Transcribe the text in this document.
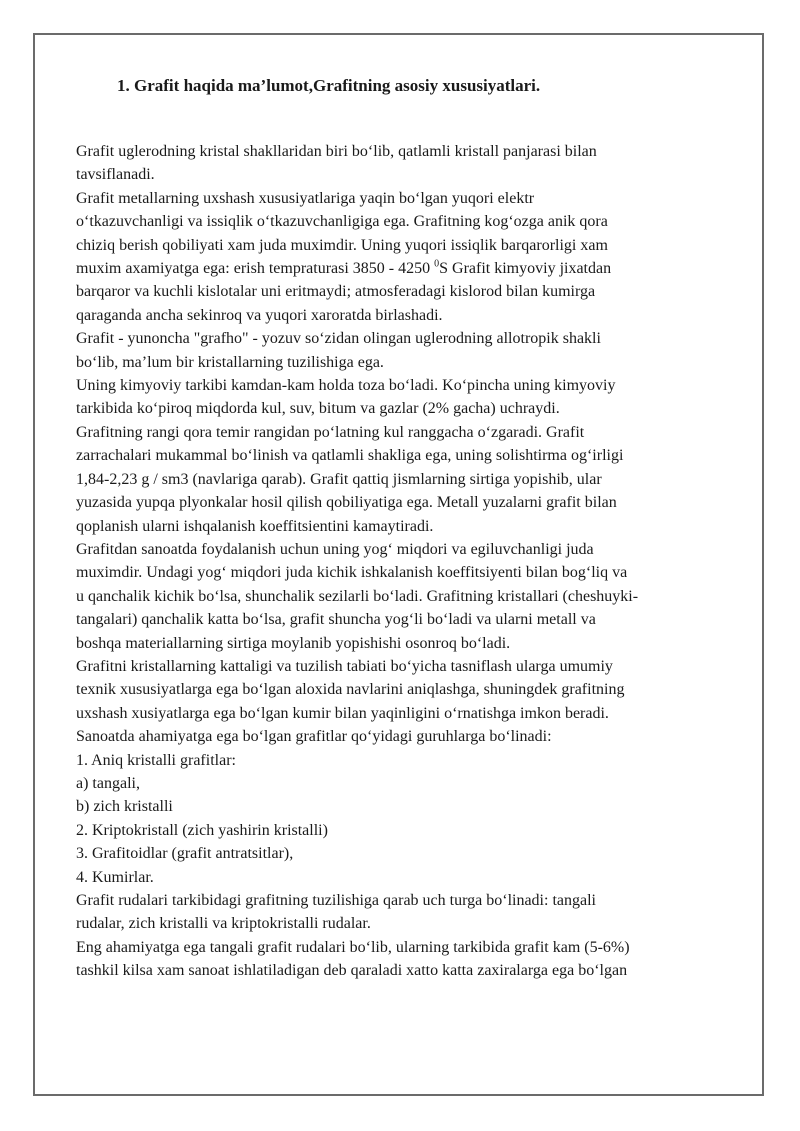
1. Grafit haqida ma’lumot,Grafitning asosiy xususiyatlari.
Grafit uglerodning kristal shakllaridan biri bo‘lib, qatlamli kristall panjarasi bilan
tavsiflanadi.
Grafit metallarning uxshash xususiyatlariga yaqin bo‘lgan yuqori elektr
o‘tkazuvchanligi va issiqlik o‘tkazuvchanligiga ega. Grafitning kog‘ozga anik qora
chiziq berish qobiliyati xam juda muximdir. Uning yuqori issiqlik barqarorligi xam
muxim axamiyatga ega: erish tempraturasi 3850 - 4250 $^0$S Grafit kimyoviy jixatdan
barqaror va kuchli kislotalar uni eritmaydi; atmosferadagi kislorod bilan kumirga
qaraganda ancha sekinroq va yuqori xaroratda birlashadi.
Grafit - yunoncha "grafho" - yozuv so‘zidan olingan uglerodning allotropik shakli
bo‘lib, ma’lum bir kristallarning tuzilishiga ega.
Uning kimyoviy tarkibi kamdan-kam holda toza bo‘ladi. Ko‘pincha uning kimyoviy
tarkibida ko‘piroq miqdorda kul, suv, bitum va gazlar (2% gacha) uchraydi.
Grafitning rangi qora temir rangidan po‘latning kul ranggacha o‘zgaradi. Grafit
zarrachalari mukammal bo‘linish va qatlamli shakliga ega, uning solishtirma og‘irligi
1,84-2,23 g / sm3 (navlariga qarab). Grafit qattiq jismlarning sirtiga yopishib, ular
yuzasida yupqa plyonkalar hosil qilish qobiliyatiga ega. Metall yuzalarni grafit bilan
qoplanish ularni ishqalanish koeffitsientini kamaytiradi.
Grafitdan sanoatda foydalanish uchun uning yog‘ miqdori va egiluvchanligi juda
muximdir. Undagi yog‘ miqdori juda kichik ishkalanish koeffitsiyenti bilan bog‘liq va
u qanchalik kichik bo‘lsa, shunchalik sezilarli bo‘ladi. Grafitning kristallari (cheshuyki-
tangalari) qanchalik katta bo‘lsa, grafit shuncha yog‘li bo‘ladi va ularni metall va
boshqa materiallarning sirtiga moylanib yopishishi osonroq bo‘ladi.
Grafitni kristallarning kattaligi va tuzilish tabiati bo‘yicha tasniflash ularga umumiy
texnik xususiyatlarga ega bo‘lgan aloxida navlarini aniqlashga, shuningdek grafitning
uxshash xusiyatlarga ega bo‘lgan kumir bilan yaqinligini o‘rnatishga imkon beradi.
Sanoatda ahamiyatga ega bo‘lgan grafitlar qo‘yidagi guruhlarga bo‘linadi:
1. Aniq kristalli grafitlar:
a) tangali,
b) zich kristalli
2. Kriptokristall (zich yashirin kristalli)
3. Grafitoidlar (grafit antratsitlar),
4. Kumirlar.
Grafit rudalari tarkibidagi grafitning tuzilishiga qarab uch turga bo‘linadi: tangali
rudalar, zich kristalli va kriptokristalli rudalar.
Eng ahamiyatga ega tangali grafit rudalari bo‘lib, ularning tarkibida grafit kam (5-6%)
tashkil kilsa xam sanoat ishlatiladigan deb qaraladi xatto katta zaxiralarga ega bo‘lgan
